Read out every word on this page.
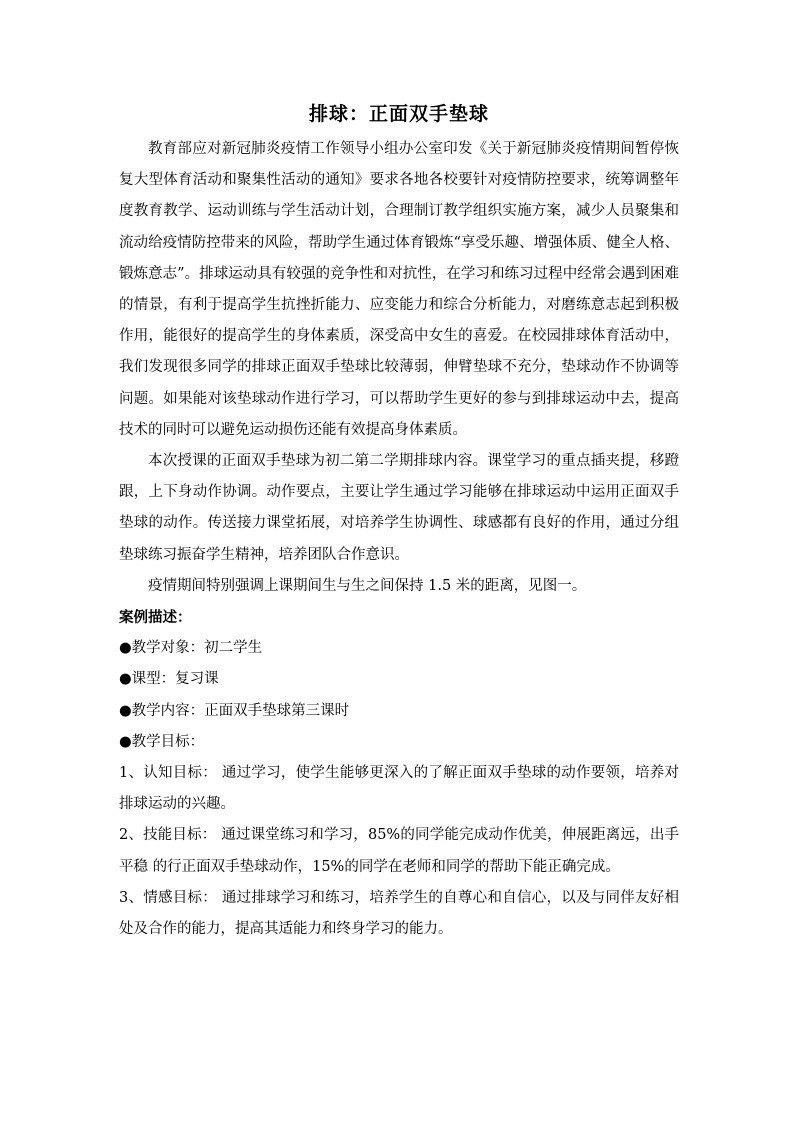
排球：正面双手垫球

教育部应对新冠肺炎疫情工作领导小组办公室印发《关于新冠肺炎疫情期间暂停恢复大型体育活动和聚集性活动的通知》要求各地各校要针对疫情防控要求，统筹调整年度教育教学、运动训练与学生活动计划，合理制订教学组织实施方案，减少人员聚集和流动给疫情防控带来的风险，帮助学生通过体育锻炼“享受乐趣、增强体质、健全人格、锻炼意志”。排球运动具有较强的竞争性和对抗性，在学习和练习过程中经常会遇到困难的情景，有利于提高学生抗挫折能力、应变能力和综合分析能力，对磨练意志起到积极作用，能很好的提高学生的身体素质，深受高中女生的喜爱。在校园排球体育活动中，我们发现很多同学的排球正面双手垫球比较薄弱，伸臂垫球不充分，垫球动作不协调等问题。如果能对该垫球动作进行学习，可以帮助学生更好的参与到排球运动中去，提高技术的同时可以避免运动损伤还能有效提高身体素质。

本次授课的正面双手垫球为初二第二学期排球内容。课堂学习的重点插夹提，移蹬跟，上下身动作协调。动作要点，主要让学生通过学习能够在排球运动中运用正面双手垫球的动作。传送接力课堂拓展，对培养学生协调性、球感都有良好的作用，通过分组垫球练习振奋学生精神，培养团队合作意识。

疫情期间特别强调上课期间生与生之间保持 1.5 米的距离，见图一。

案例描述：

●教学对象：初二学生

●课型：复习课

●教学内容：正面双手垫球第三课时

●教学目标：

1、认知目标： 通过学习，使学生能够更深入的了解正面双手垫球的动作要领，培养对排球运动的兴趣。

2、技能目标： 通过课堂练习和学习，85%的同学能完成动作优美，伸展距离远，出手平稳 的行正面双手垫球动作，15%的同学在老师和同学的帮助下能正确完成。

3、情感目标： 通过排球学习和练习，培养学生的自尊心和自信心，以及与同伴友好相处及合作的能力，提高其适能力和终身学习的能力。
